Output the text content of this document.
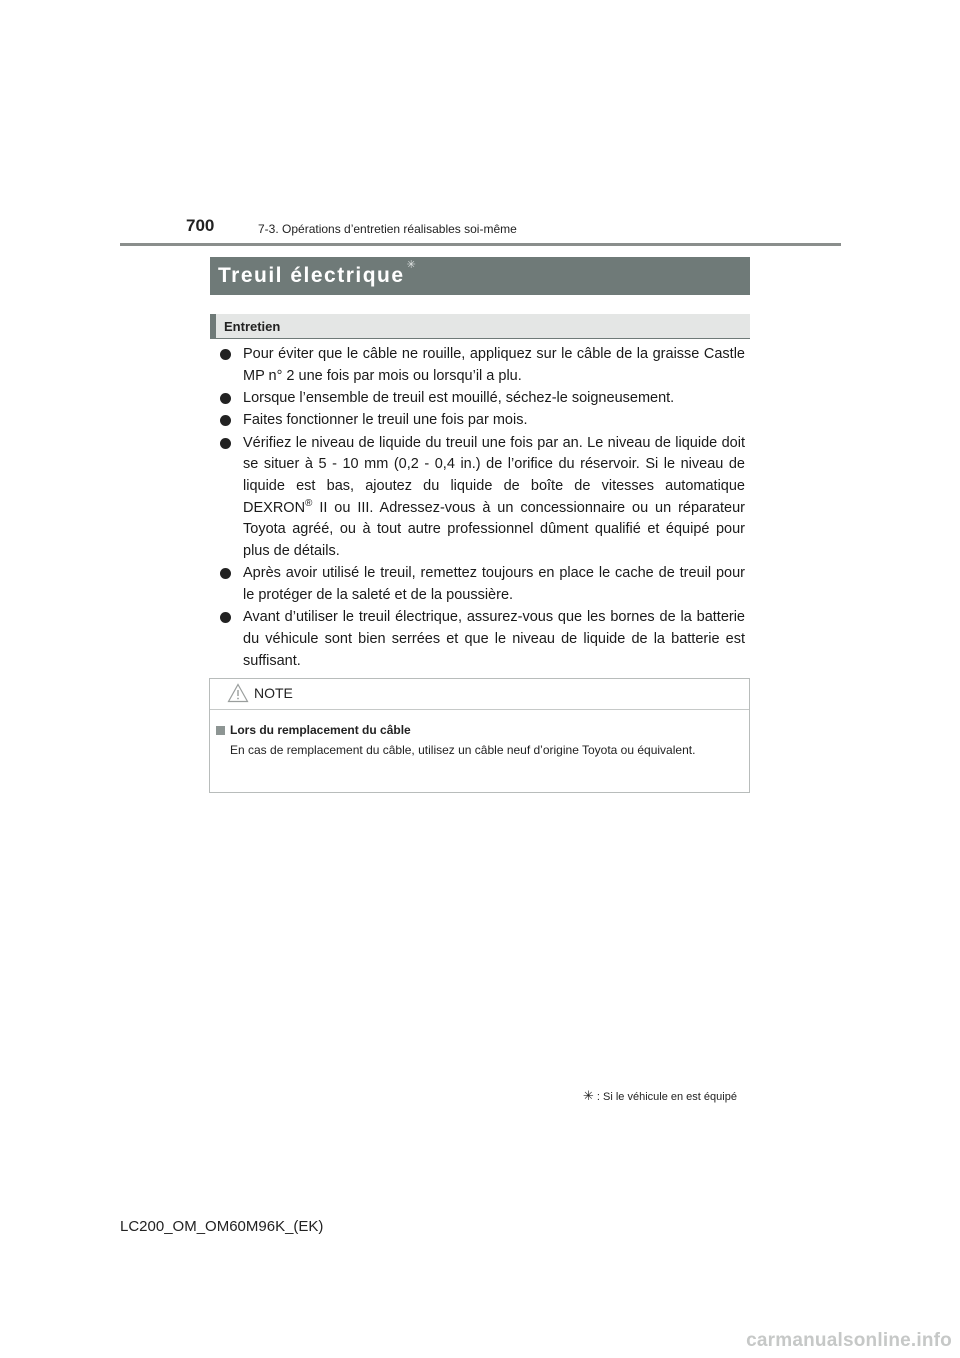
700	7-3. Opérations d’entretien réalisables soi-même
Treuil électrique ✳
Entretien
Pour éviter que le câble ne rouille, appliquez sur le câble de la graisse Castle MP n° 2 une fois par mois ou lorsqu’il a plu.
Lorsque l’ensemble de treuil est mouillé, séchez-le soigneusement.
Faites fonctionner le treuil une fois par mois.
Vérifiez le niveau de liquide du treuil une fois par an. Le niveau de liquide doit se situer à 5 - 10 mm (0,2 - 0,4 in.) de l’orifice du réservoir. Si le niveau de liquide est bas, ajoutez du liquide de boîte de vitesses automatique DEXRON® II ou III. Adressez-vous à un concessionnaire ou un réparateur Toyota agréé, ou à tout autre professionnel dûment qualifié et équipé pour plus de détails.
Après avoir utilisé le treuil, remettez toujours en place le cache de treuil pour le protéger de la saleté et de la poussière.
Avant d’utiliser le treuil électrique, assurez-vous que les bornes de la batterie du véhicule sont bien serrées et que le niveau de liquide de la batterie est suffisant.
NOTE
Lors du remplacement du câble
En cas de remplacement du câble, utilisez un câble neuf d’origine Toyota ou équivalent.
✳ : Si le véhicule en est équipé
LC200_OM_OM60M96K_(EK)
carmanualsonline.info
